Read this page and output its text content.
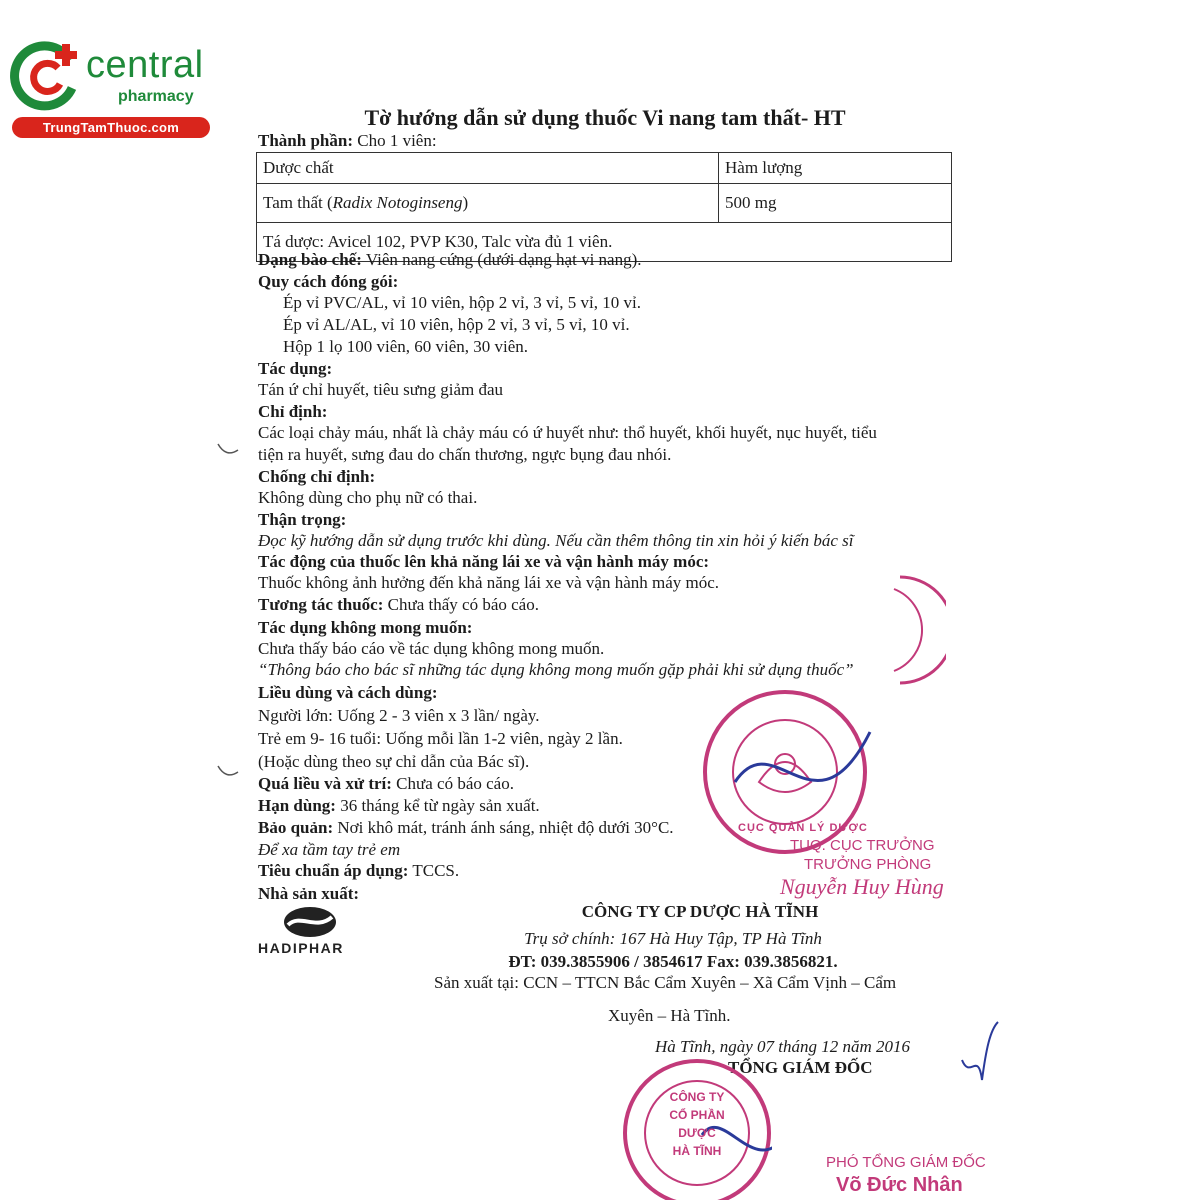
central
pharmacy
TrungTamThuoc.com	Tờ hướng dẫn sử dụng thuốc Vi nang tam thất- HT
Thành phần: Cho 1 viên:
Dược chất	Hàm lượng
Tam thất (Radix Notoginseng)	500 mg
Tá dược: Avicel 102, PVP K30, Talc vừa đủ 1 viên.	
Dạng bào chế: Viên nang cứng (dưới dạng hạt vi nang).
Quy cách đóng gói:
Ép vỉ PVC/AL, vỉ 10 viên, hộp 2 vỉ, 3 vỉ, 5 vỉ, 10 vỉ.
Ép vỉ AL/AL, vỉ 10 viên, hộp 2 vỉ, 3 vỉ, 5 vỉ, 10 vỉ.
Hộp 1 lọ 100 viên, 60 viên, 30 viên.
Tác dụng:
Tán ứ chỉ huyết, tiêu sưng giảm đau
Chỉ định:
Các loại chảy máu, nhất là chảy máu có ứ huyết như: thổ huyết, khối huyết, nục huyết, tiểu
tiện ra huyết, sưng đau do chấn thương, ngực bụng đau nhói.
Chống chỉ định:
Không dùng cho phụ nữ có thai.
Thận trọng:
Đọc kỹ hướng dẫn sử dụng trước khi dùng. Nếu cần thêm thông tin xin hỏi ý kiến bác sĩ
Tác động của thuốc lên khả năng lái xe và vận hành máy móc:
Thuốc không ảnh hưởng đến khả năng lái xe và vận hành máy móc.
Tương tác thuốc: Chưa thấy có báo cáo.
Tác dụng không mong muốn:
Chưa thấy báo cáo về tác dụng không mong muốn.
“Thông báo cho bác sĩ những tác dụng không mong muốn gặp phải khi sử dụng thuốc”
Liều dùng và cách dùng:
Người lớn: Uống 2 - 3 viên x 3 lần/ ngày.
Trẻ em 9- 16 tuổi: Uống mỗi lần 1-2 viên, ngày 2 lần.
(Hoặc dùng theo sự chỉ dẫn của Bác sĩ).
Quá liều và xử trí: Chưa có báo cáo.
Hạn dùng: 36 tháng kể từ ngày sản xuất.
Bảo quản: Nơi khô mát, tránh ánh sáng, nhiệt độ dưới 30°C.
Để xa tầm tay trẻ em
Tiêu chuẩn áp dụng: TCCS.
Nhà sản xuất:
HADIPHAR
CÔNG TY CP DƯỢC HÀ TĨNH
Trụ sở chính: 167 Hà Huy Tập, TP Hà Tĩnh
ĐT: 039.3855906 / 3854617 Fax: 039.3856821.
Sản xuất tại: CCN – TTCN Bắc Cẩm Xuyên – Xã Cẩm Vịnh – Cẩm
Xuyên – Hà Tĩnh.
Hà Tĩnh, ngày 07 tháng 12 năm 2016
TỔNG GIÁM ĐỐC
CỤC QUẢN LÝ DƯỢC
TUQ. CỤC TRƯỞNG
TRƯỞNG PHÒNG
Nguyễn Huy Hùng
CÔNG TY
CỔ PHẦN
DƯỢC
HÀ TĨNH
PHÓ TỔNG GIÁM ĐỐC
Võ Đức Nhân
